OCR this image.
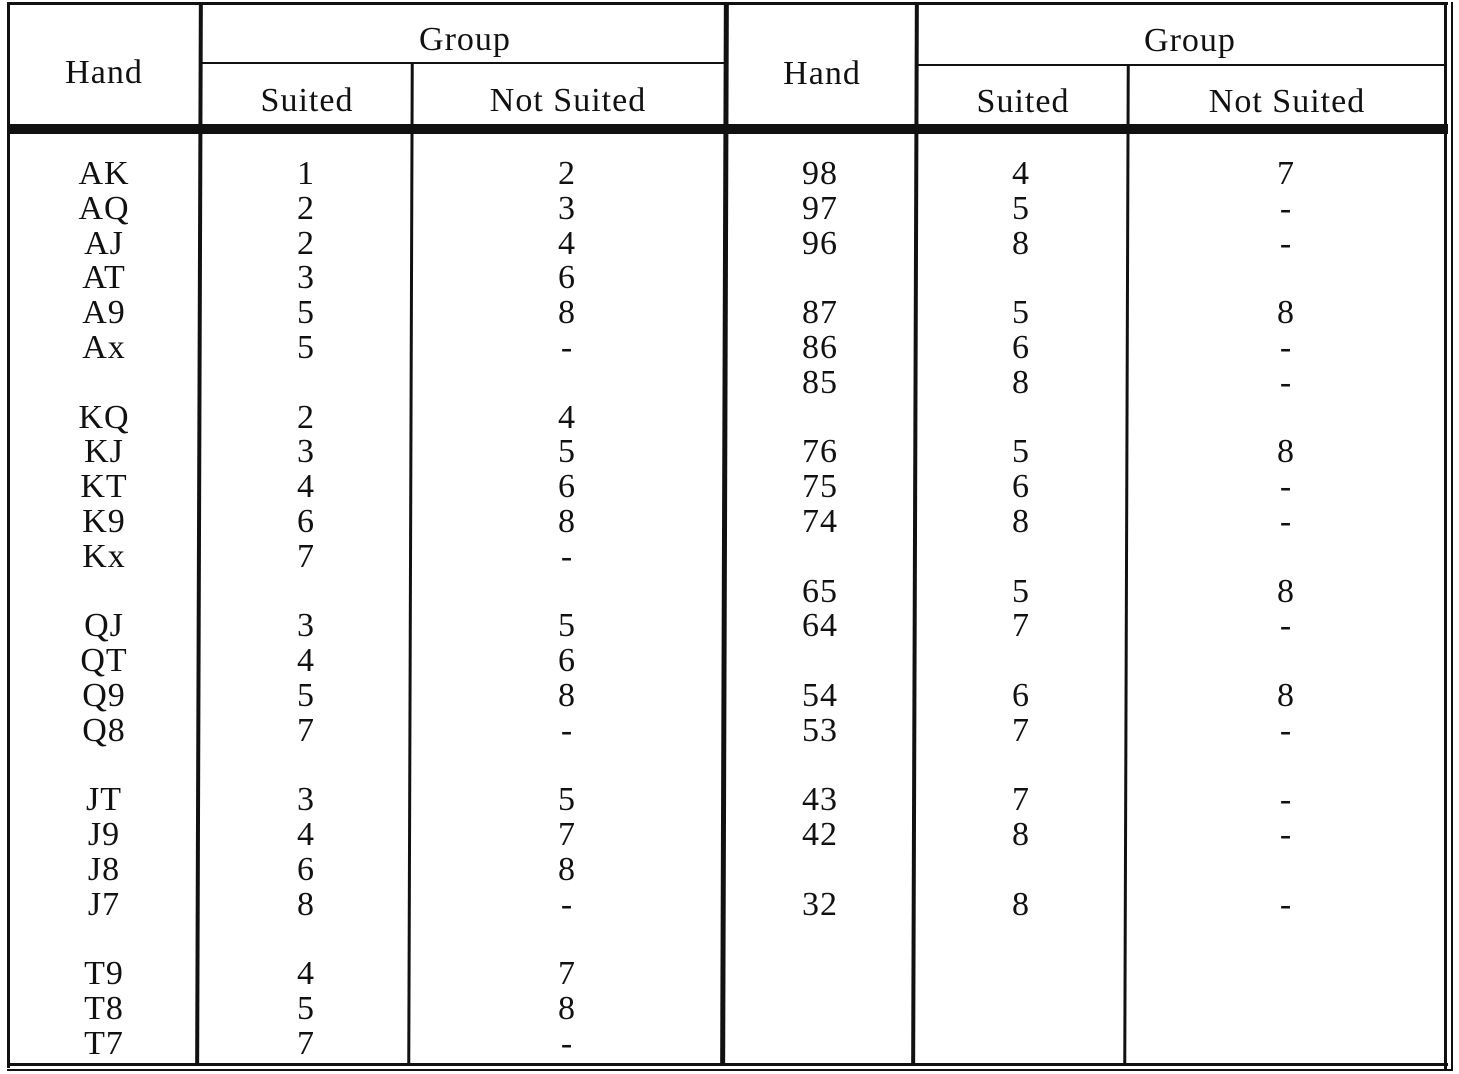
Hand
Group
Suited	Not Suited
Hand
Group
Suited	Not Suited
AK	1	2
AQ	2	3
AJ	2	4
AT	3	6
A9	5	8
Ax	5	-
KQ	2	4
KJ	3	5
KT	4	6
K9	6	8
Kx	7	-
QJ	3	5
QT	4	6
Q9	5	8
Q8	7	-
JT	3	5
J9	4	7
J8	6	8
J7	8	-
T9	4	7
T8	5	8
T7	7	-
98	4	7
97	5	-
96	8	-
87	5	8
86	6	-
85	8	-
76	5	8
75	6	-
74	8	-
65	5	8
64	7	-
54	6	8
53	7	-
43	7	-
42	8	-
32	8	-
